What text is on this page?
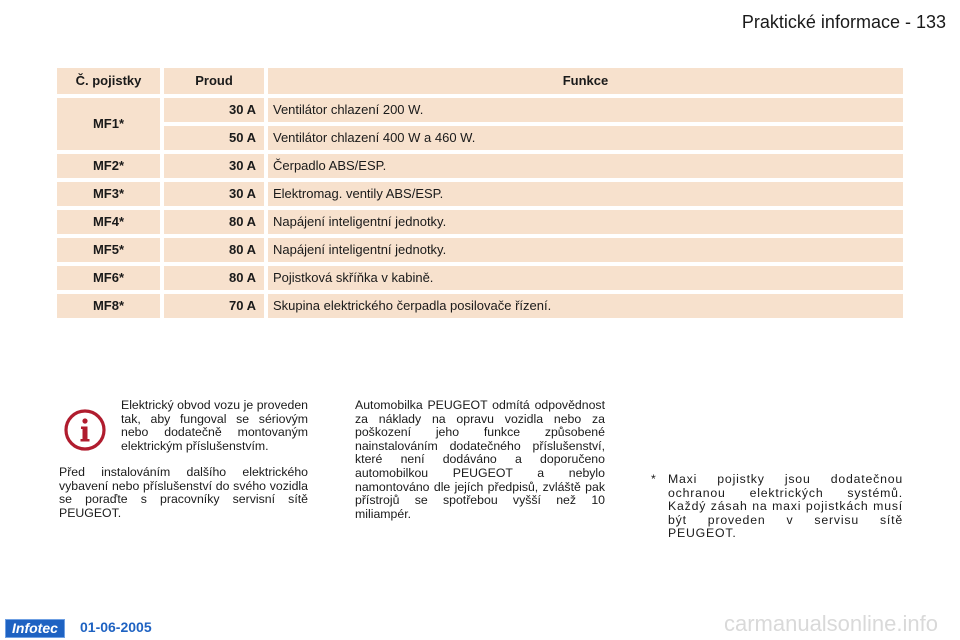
Praktické informace - 133
Č. pojistky	Proud	Funkce
MF1*
30 A	Ventilátor chlazení 200 W.
50 A	Ventilátor chlazení 400 W a 460 W.
MF2*	30 A	Čerpadlo ABS/ESP.
MF3*	30 A	Elektromag. ventily ABS/ESP.
MF4*	80 A	Napájení inteligentní jednotky.
MF5*	80 A	Napájení inteligentní jednotky.
MF6*	80 A	Pojistková skříňka v kabině.
MF8*	70 A	Skupina elektrického čerpadla posilovače řízení.
Elektrický obvod vozu je proveden tak, aby fungoval se sériovým nebo dodatečně montovaným elektrickým příslušenstvím.
Před instalováním dalšího elektrického vybavení nebo příslušenství do svého vozidla se poraďte s pracovníky servisní sítě PEUGEOT.
Automobilka PEUGEOT odmítá odpovědnost za náklady na opravu vozidla nebo za poškození jeho funkce způsobené nainstalováním dodatečného příslušenství, které není dodáváno a doporučeno automobilkou PEUGEOT a nebylo namontováno dle jejích předpisů, zvláště pak přístrojů se spotřebou vyšší než 10 miliampér.
* Maxi pojistky jsou dodatečnou ochranou elektrických systémů. Každý zásah na maxi pojistkách musí být proveden v servisu sítě PEUGEOT.
Infotec	01-06-2005	carmanualsonline.info
